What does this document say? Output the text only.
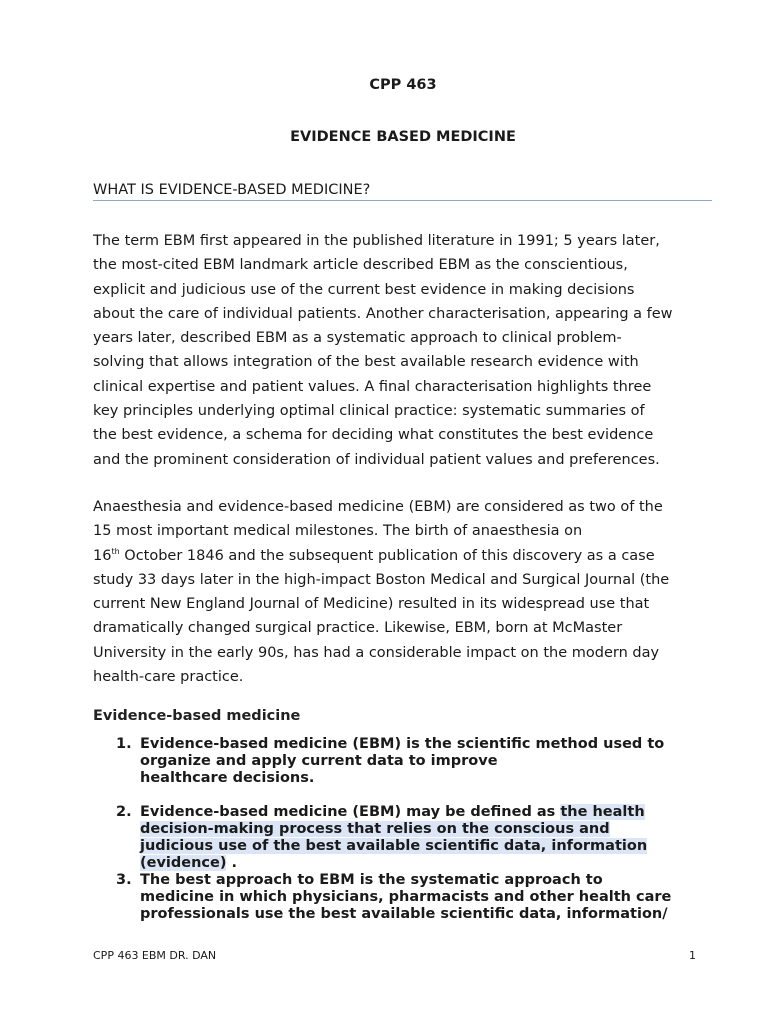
CPP 463
EVIDENCE BASED MEDICINE
WHAT IS EVIDENCE-BASED MEDICINE?

The term EBM first appeared in the published literature in 1991; 5 years later,
the most-cited EBM landmark article described EBM as the conscientious,
explicit and judicious use of the current best evidence in making decisions
about the care of individual patients. Another characterisation, appearing a few
years later, described EBM as a systematic approach to clinical problem-
solving that allows integration of the best available research evidence with
clinical expertise and patient values. A final characterisation highlights three
key principles underlying optimal clinical practice: systematic summaries of
the best evidence, a schema for deciding what constitutes the best evidence
and the prominent consideration of individual patient values and preferences.

Anaesthesia and evidence-based medicine (EBM) are considered as two of the
15 most important medical milestones. The birth of anaesthesia on
16th October 1846 and the subsequent publication of this discovery as a case
study 33 days later in the high-impact Boston Medical and Surgical Journal (the
current New England Journal of Medicine) resulted in its widespread use that
dramatically changed surgical practice. Likewise, EBM, born at McMaster
University in the early 90s, has had a considerable impact on the modern day
health-care practice.

Evidence-based medicine
1. Evidence-based medicine (EBM) is the scientific method used to
organize and apply current data to improve
healthcare decisions.
2. Evidence-based medicine (EBM) may be defined as the health
decision-making process that relies on the conscious and
judicious use of the best available scientific data, information
(evidence) .
3. The best approach to EBM is the systematic approach to
medicine in which physicians, pharmacists and other health care
professionals use the best available scientific data, information/
CPP 463 EBM DR. DAN	1
